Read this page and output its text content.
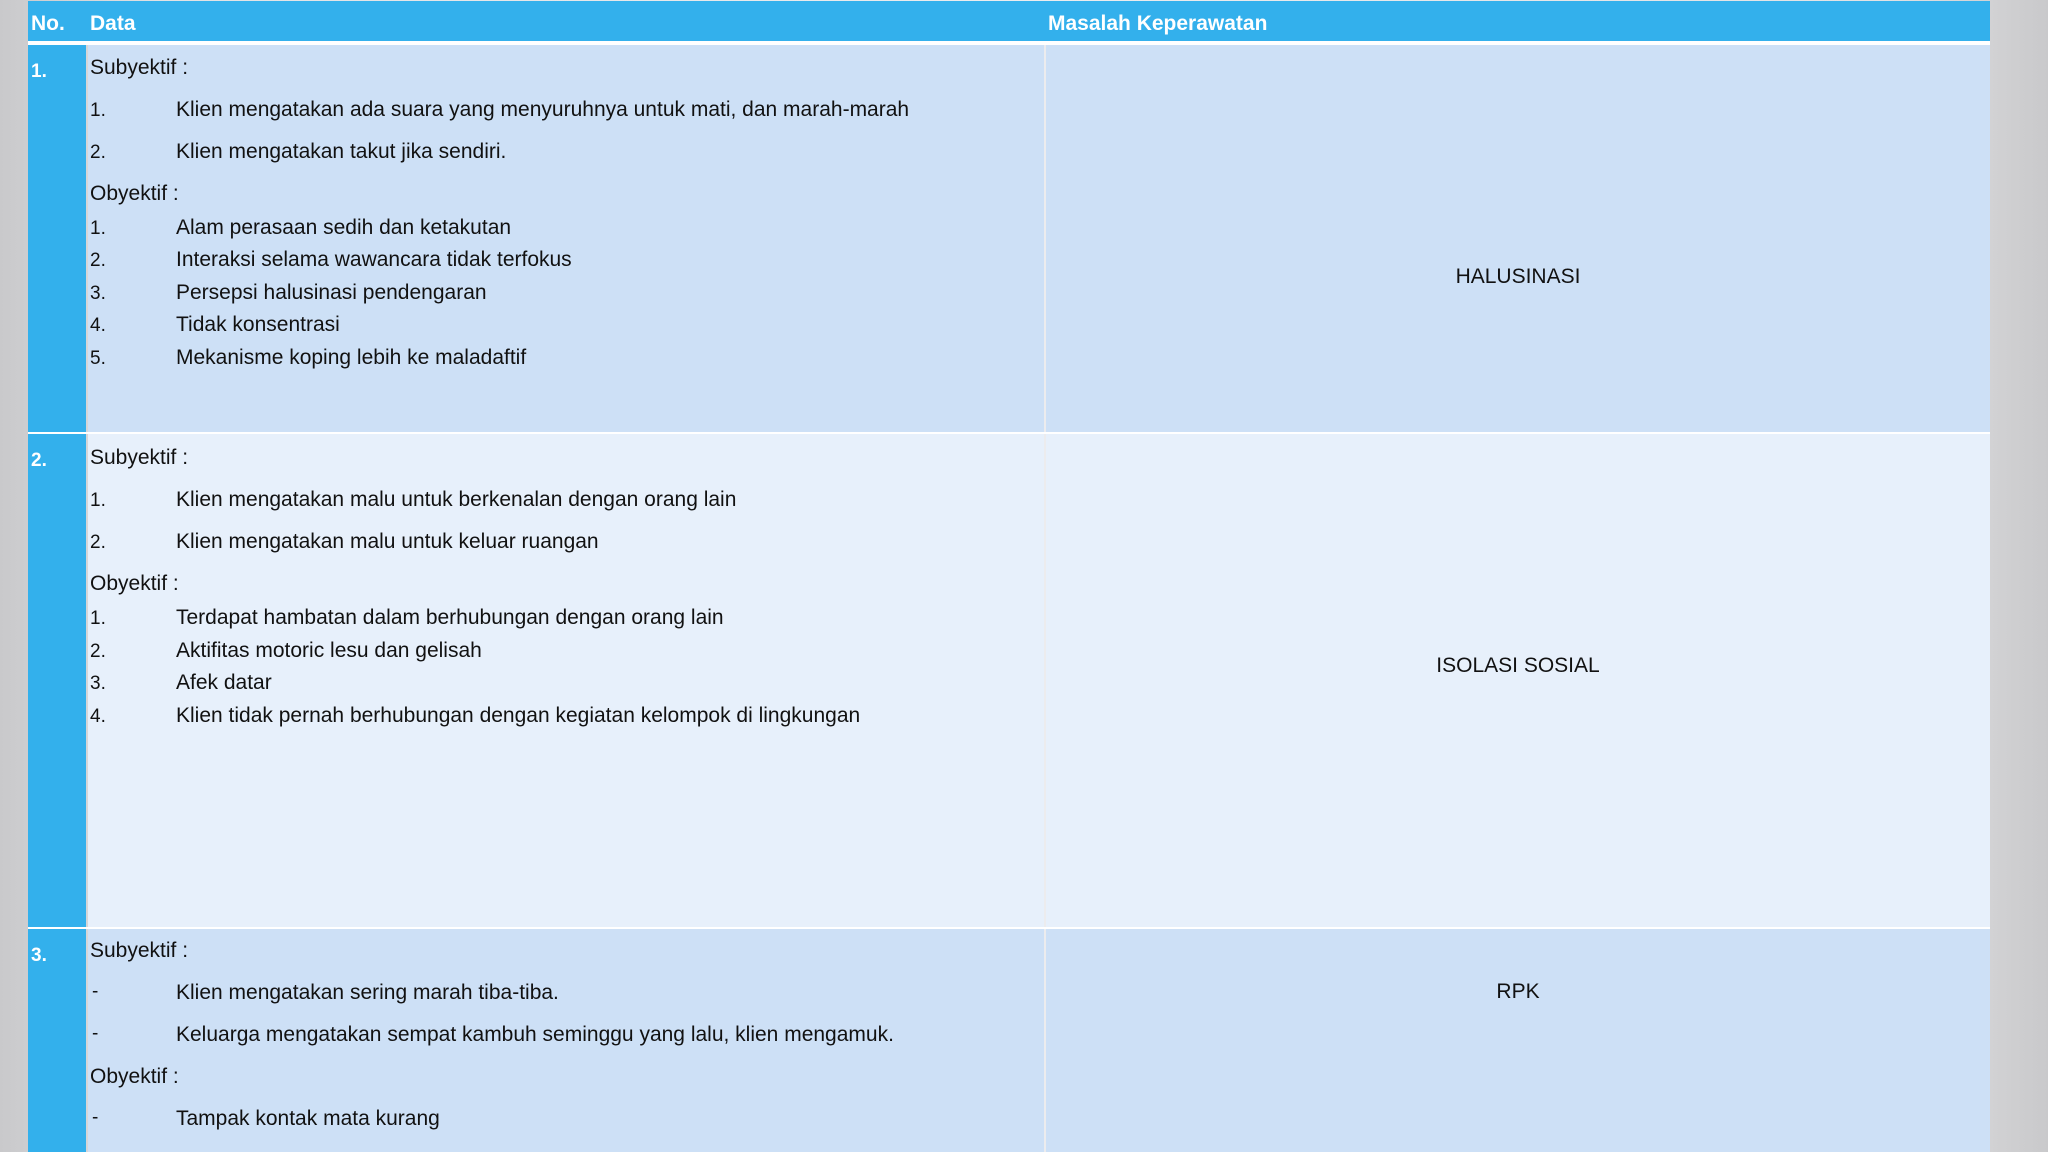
No. Data	Masalah Keperawatan
1. Subyektif :
1.	Klien mengatakan ada suara yang menyuruhnya untuk mati, dan marah-marah
2.	Klien mengatakan takut jika sendiri.
Obyektif :
1.	Alam perasaan sedih dan ketakutan
2.	Interaksi selama wawancara tidak terfokus
3.	Persepsi halusinasi pendengaran
4.	Tidak konsentrasi
5.	Mekanisme koping lebih ke maladaftif
HALUSINASI
2. Subyektif :
1.	Klien mengatakan malu untuk berkenalan dengan orang lain
2.	Klien mengatakan malu untuk keluar ruangan
Obyektif :
1.	Terdapat hambatan dalam berhubungan dengan orang lain
2.	Aktifitas motoric lesu dan gelisah
3.	Afek datar
4.	Klien tidak pernah berhubungan dengan kegiatan kelompok di lingkungan
ISOLASI SOSIAL
3. Subyektif :
-	Klien mengatakan sering marah tiba-tiba.
-	Keluarga mengatakan sempat kambuh seminggu yang lalu, klien mengamuk.
Obyektif :
-	Tampak kontak mata kurang
RPK
